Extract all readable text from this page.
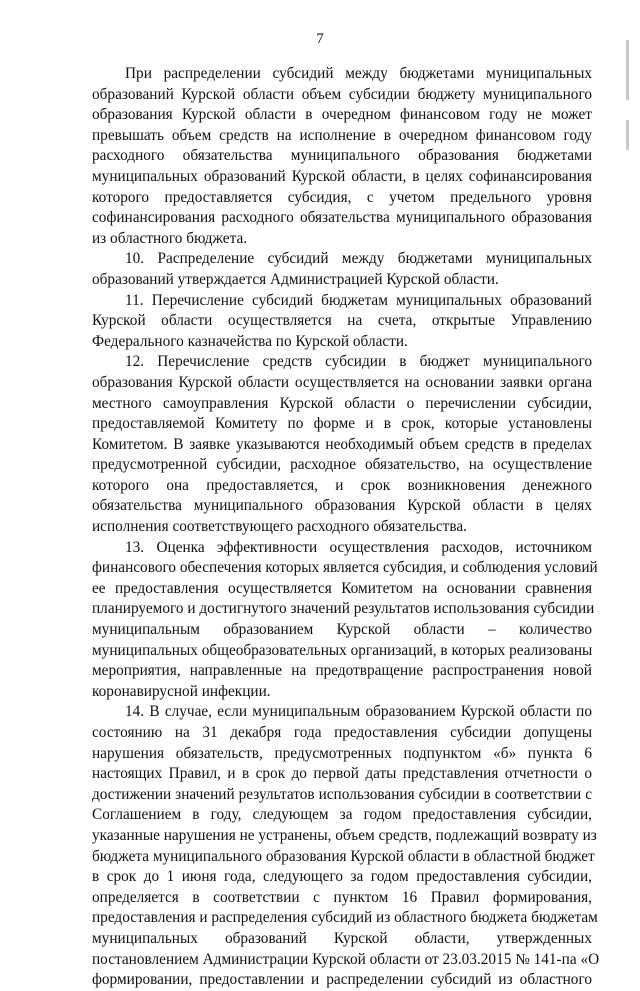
7
При распределении субсидий между бюджетами муниципальных
образований Курской области объем субсидии бюджету муниципального
образования Курской области в очередном финансовом году не может
превышать объем средств на исполнение в очередном финансовом году
расходного обязательства муниципального образования бюджетами
муниципальных образований Курской области, в целях софинансирования
которого предоставляется субсидия, с учетом предельного уровня
софинансирования расходного обязательства муниципального образования
из областного бюджета.
10. Распределение субсидий между бюджетами муниципальных
образований утверждается Администрацией Курской области.
11. Перечисление субсидий бюджетам муниципальных образований
Курской области осуществляется на счета, открытые Управлению
Федерального казначейства по Курской области.
12. Перечисление средств субсидии в бюджет муниципального
образования Курской области осуществляется на основании заявки органа
местного самоуправления Курской области о перечислении субсидии,
предоставляемой Комитету по форме и в срок, которые установлены
Комитетом. В заявке указываются необходимый объем средств в пределах
предусмотренной субсидии, расходное обязательство, на осуществление
которого она предоставляется, и срок возникновения денежного
обязательства муниципального образования Курской области в целях
исполнения соответствующего расходного обязательства.
13. Оценка эффективности осуществления расходов, источником
финансового обеспечения которых является субсидия, и соблюдения условий
ее предоставления осуществляется Комитетом на основании сравнения
планируемого и достигнутого значений результатов использования субсидии
муниципальным образованием Курской области – количество
муниципальных общеобразовательных организаций, в которых реализованы
мероприятия, направленные на предотвращение распространения новой
коронавирусной инфекции.
14. В случае, если муниципальным образованием Курской области по
состоянию на 31 декабря года предоставления субсидии допущены
нарушения обязательств, предусмотренных подпунктом «б» пункта 6
настоящих Правил, и в срок до первой даты представления отчетности о
достижении значений результатов использования субсидии в соответствии с
Соглашением в году, следующем за годом предоставления субсидии,
указанные нарушения не устранены, объем средств, подлежащий возврату из
бюджета муниципального образования Курской области в областной бюджет
в срок до 1 июня года, следующего за годом предоставления субсидии,
определяется в соответствии с пунктом 16 Правил формирования,
предоставления и распределения субсидий из областного бюджета бюджетам
муниципальных образований Курской области, утвержденных
постановлением Администрации Курской области от 23.03.2015 № 141-па «О
формировании, предоставлении и распределении субсидий из областного
